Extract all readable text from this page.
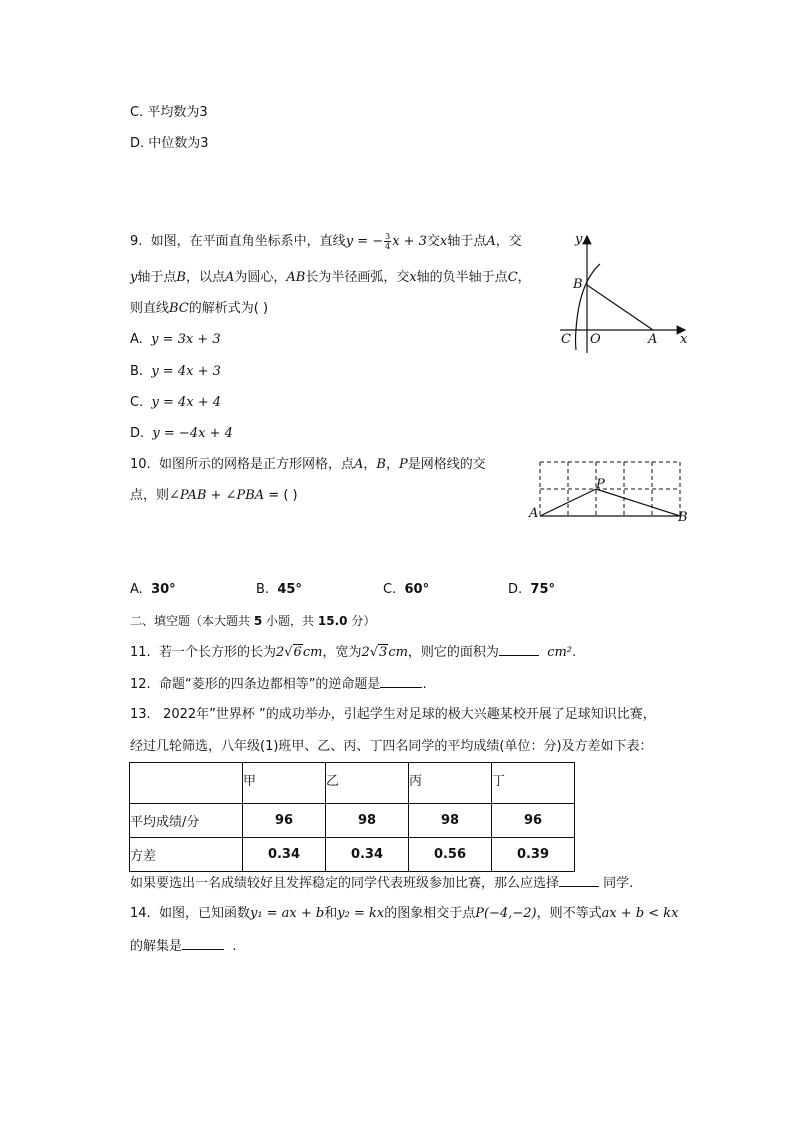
C. 平均数为3
D. 中位数为3
9. 如图，在平面直角坐标系中，直线y = − $\frac{3}{4}$ x + 3交x轴于点A，交
y轴于点B，以点A为圆心，AB长为半径画弧，交x轴的负半轴于点C，
则直线BC的解析式为( )
A. y = 3x + 3
B. y = 4x + 3
C. y = 4x + 4
D. y = −4x + 4
y
x
B
C O	A
10. 如图所示的网格是正方形网格，点A，B，P是网格线的交
点，则∠PAB + ∠PBA = ( )
A
P
B
A. 30°	B. 45°	C. 60°	D. 75°
二、填空题（本大题共 5 小题，共 15.0 分）
11. 若一个长方形的长为2√6cm，宽为2√3cm，则它的面积为	cm².
12. 命题“菱形的四条边都相等”的逆命题是	.
13. 2022年”世界杯 ”的成功举办，引起学生对足球的极大兴趣某校开展了足球知识比赛，
经过几轮筛选，八年级(1)班甲、乙、丙、丁四名同学的平均成绩(单位：分)及方差如下表：
	甲	乙	丙	丁
平均成绩/分	96	98	98	96
方差	0.34	0.34	0.56	0.39
如果要选出一名成绩较好且发挥稳定的同学代表班级参加比赛，那么应选择	同学.
14. 如图，已知函数y₁ = ax + b和y₂ = kx的图象相交于点P(−4,−2)，则不等式ax + b < kx
的解集是	.
